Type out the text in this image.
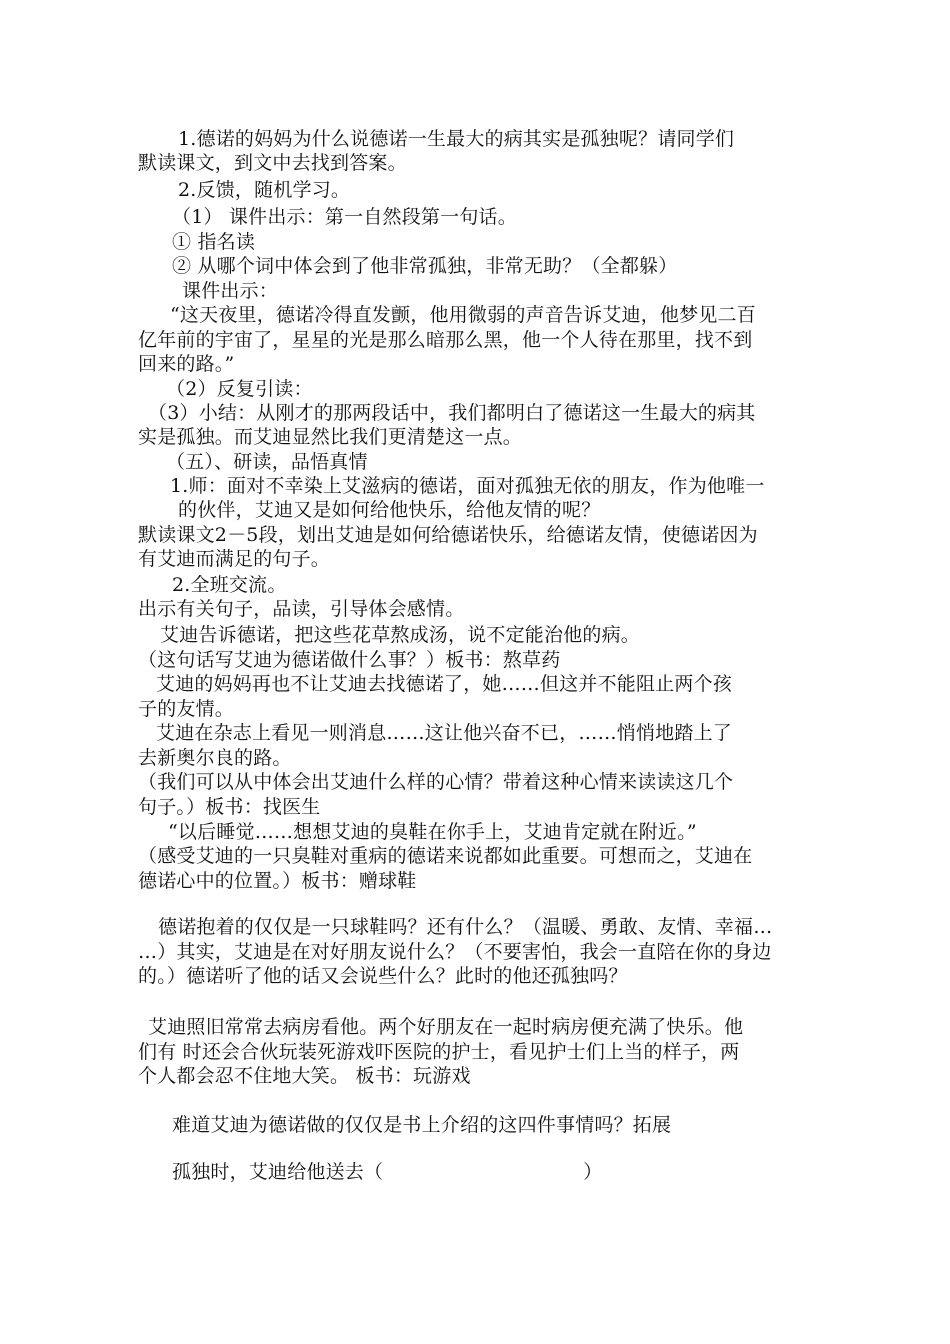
1.德诺的妈妈为什么说德诺一生最大的病其实是孤独呢？请同学们
默读课文，到文中去找到答案。
2.反馈，随机学习。
（1） 课件出示：第一自然段第一句话。
① 指名读
② 从哪个词中体会到了他非常孤独，非常无助？（全都躲）
课件出示：
“这天夜里，德诺冷得直发颤，他用微弱的声音告诉艾迪，他梦见二百
亿年前的宇宙了，星星的光是那么暗那么黑，他一个人待在那里，找不到
回来的路。”
（2）反复引读：
（3）小结：从刚才的那两段话中，我们都明白了德诺这一生最大的病其
实是孤独。而艾迪显然比我们更清楚这一点。
（五）、研读，品悟真情
1.师：面对不幸染上艾滋病的德诺，面对孤独无依的朋友，作为他唯一
的伙伴，艾迪又是如何给他快乐，给他友情的呢？
默读课文2－5段，划出艾迪是如何给德诺快乐，给德诺友情，使德诺因为
有艾迪而满足的句子。
2.全班交流。
出示有关句子，品读，引导体会感情。
艾迪告诉德诺，把这些花草熬成汤，说不定能治他的病。
（这句话写艾迪为德诺做什么事？）板书：熬草药
艾迪的妈妈再也不让艾迪去找德诺了，她……但这并不能阻止两个孩
子的友情。
艾迪在杂志上看见一则消息……这让他兴奋不已，……悄悄地踏上了
去新奥尔良的路。
（我们可以从中体会出艾迪什么样的心情？带着这种心情来读读这几个
句子。）板书：找医生
“以后睡觉……想想艾迪的臭鞋在你手上，艾迪肯定就在附近。”
（感受艾迪的一只臭鞋对重病的德诺来说都如此重要。可想而之，艾迪在
德诺心中的位置。）板书：赠球鞋
德诺抱着的仅仅是一只球鞋吗？还有什么？（温暖、勇敢、友情、幸福…
…）其实，艾迪是在对好朋友说什么？（不要害怕，我会一直陪在你的身边
的。）德诺听了他的话又会说些什么？此时的他还孤独吗？
艾迪照旧常常去病房看他。两个好朋友在一起时病房便充满了快乐。他
们有 时还会合伙玩装死游戏吓医院的护士，看见护士们上当的样子，两
个人都会忍不住地大笑。 板书：玩游戏
难道艾迪为德诺做的仅仅是书上介绍的这四件事情吗？拓展
孤独时，艾迪给他送去（	）
